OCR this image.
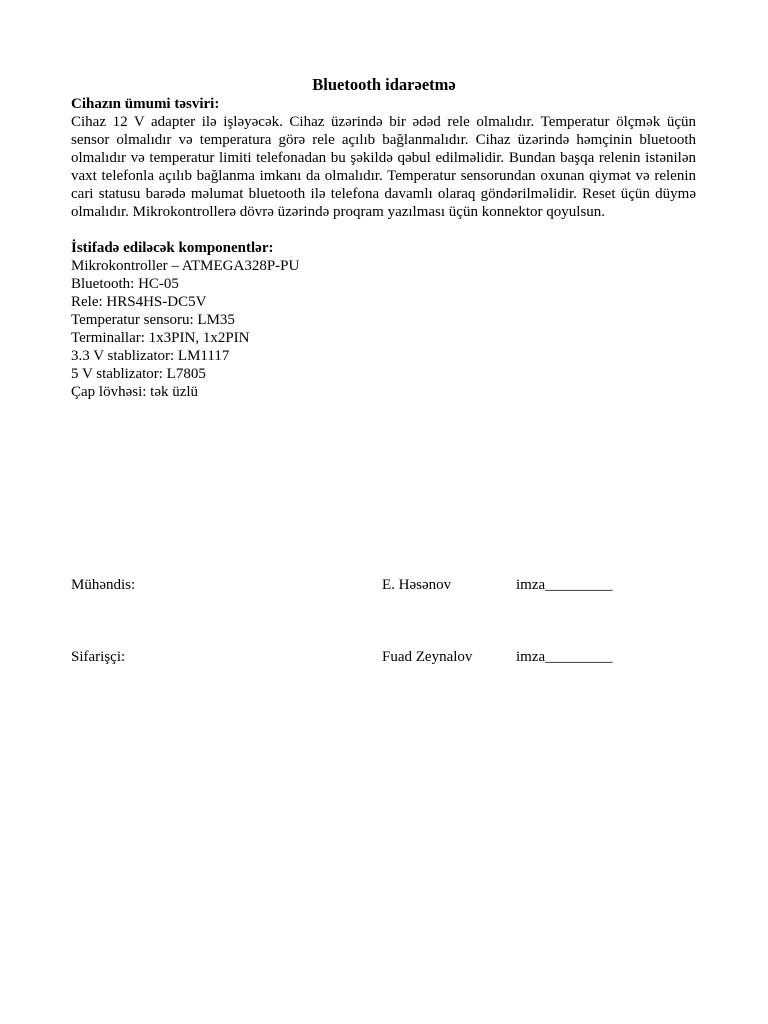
Bluetooth idarəetmə
Cihazın ümumi təsviri:

Cihaz 12 V adapter ilə işləyəcək. Cihaz üzərində bir ədəd rele olmalıdır. Temperatur ölçmək üçün sensor olmalıdır və temperatura görə rele açılıb bağlanmalıdır. Cihaz üzərində həmçinin bluetooth olmalıdır və temperatur limiti telefonadan bu şəkildə qəbul edilməlidir. Bundan başqa relenin istənilən vaxt telefonla açılıb bağlanma imkanı da olmalıdır. Temperatur sensorundan oxunan qiymət və relenin cari statusu barədə məlumat bluetooth ilə telefona davamlı olaraq göndərilməlidir. Reset üçün düymə olmalıdır. Mikrokontrollerə dövrə üzərində proqram yazılması üçün konnektor qoyulsun.

İstifadə ediləcək komponentlər:
Mikrokontroller – ATMEGA328P-PU
Bluetooth: HC-05
Rele: HRS4HS-DC5V
Temperatur sensoru: LM35
Terminallar: 1x3PIN, 1x2PIN
3.3 V stablizator: LM1117
5 V stablizator: L7805
Çap lövhəsi: tək üzlü
Mühəndis:	E. Həsənov	imza_________
Sifarişçi:	Fuad Zeynalov	imza_________
